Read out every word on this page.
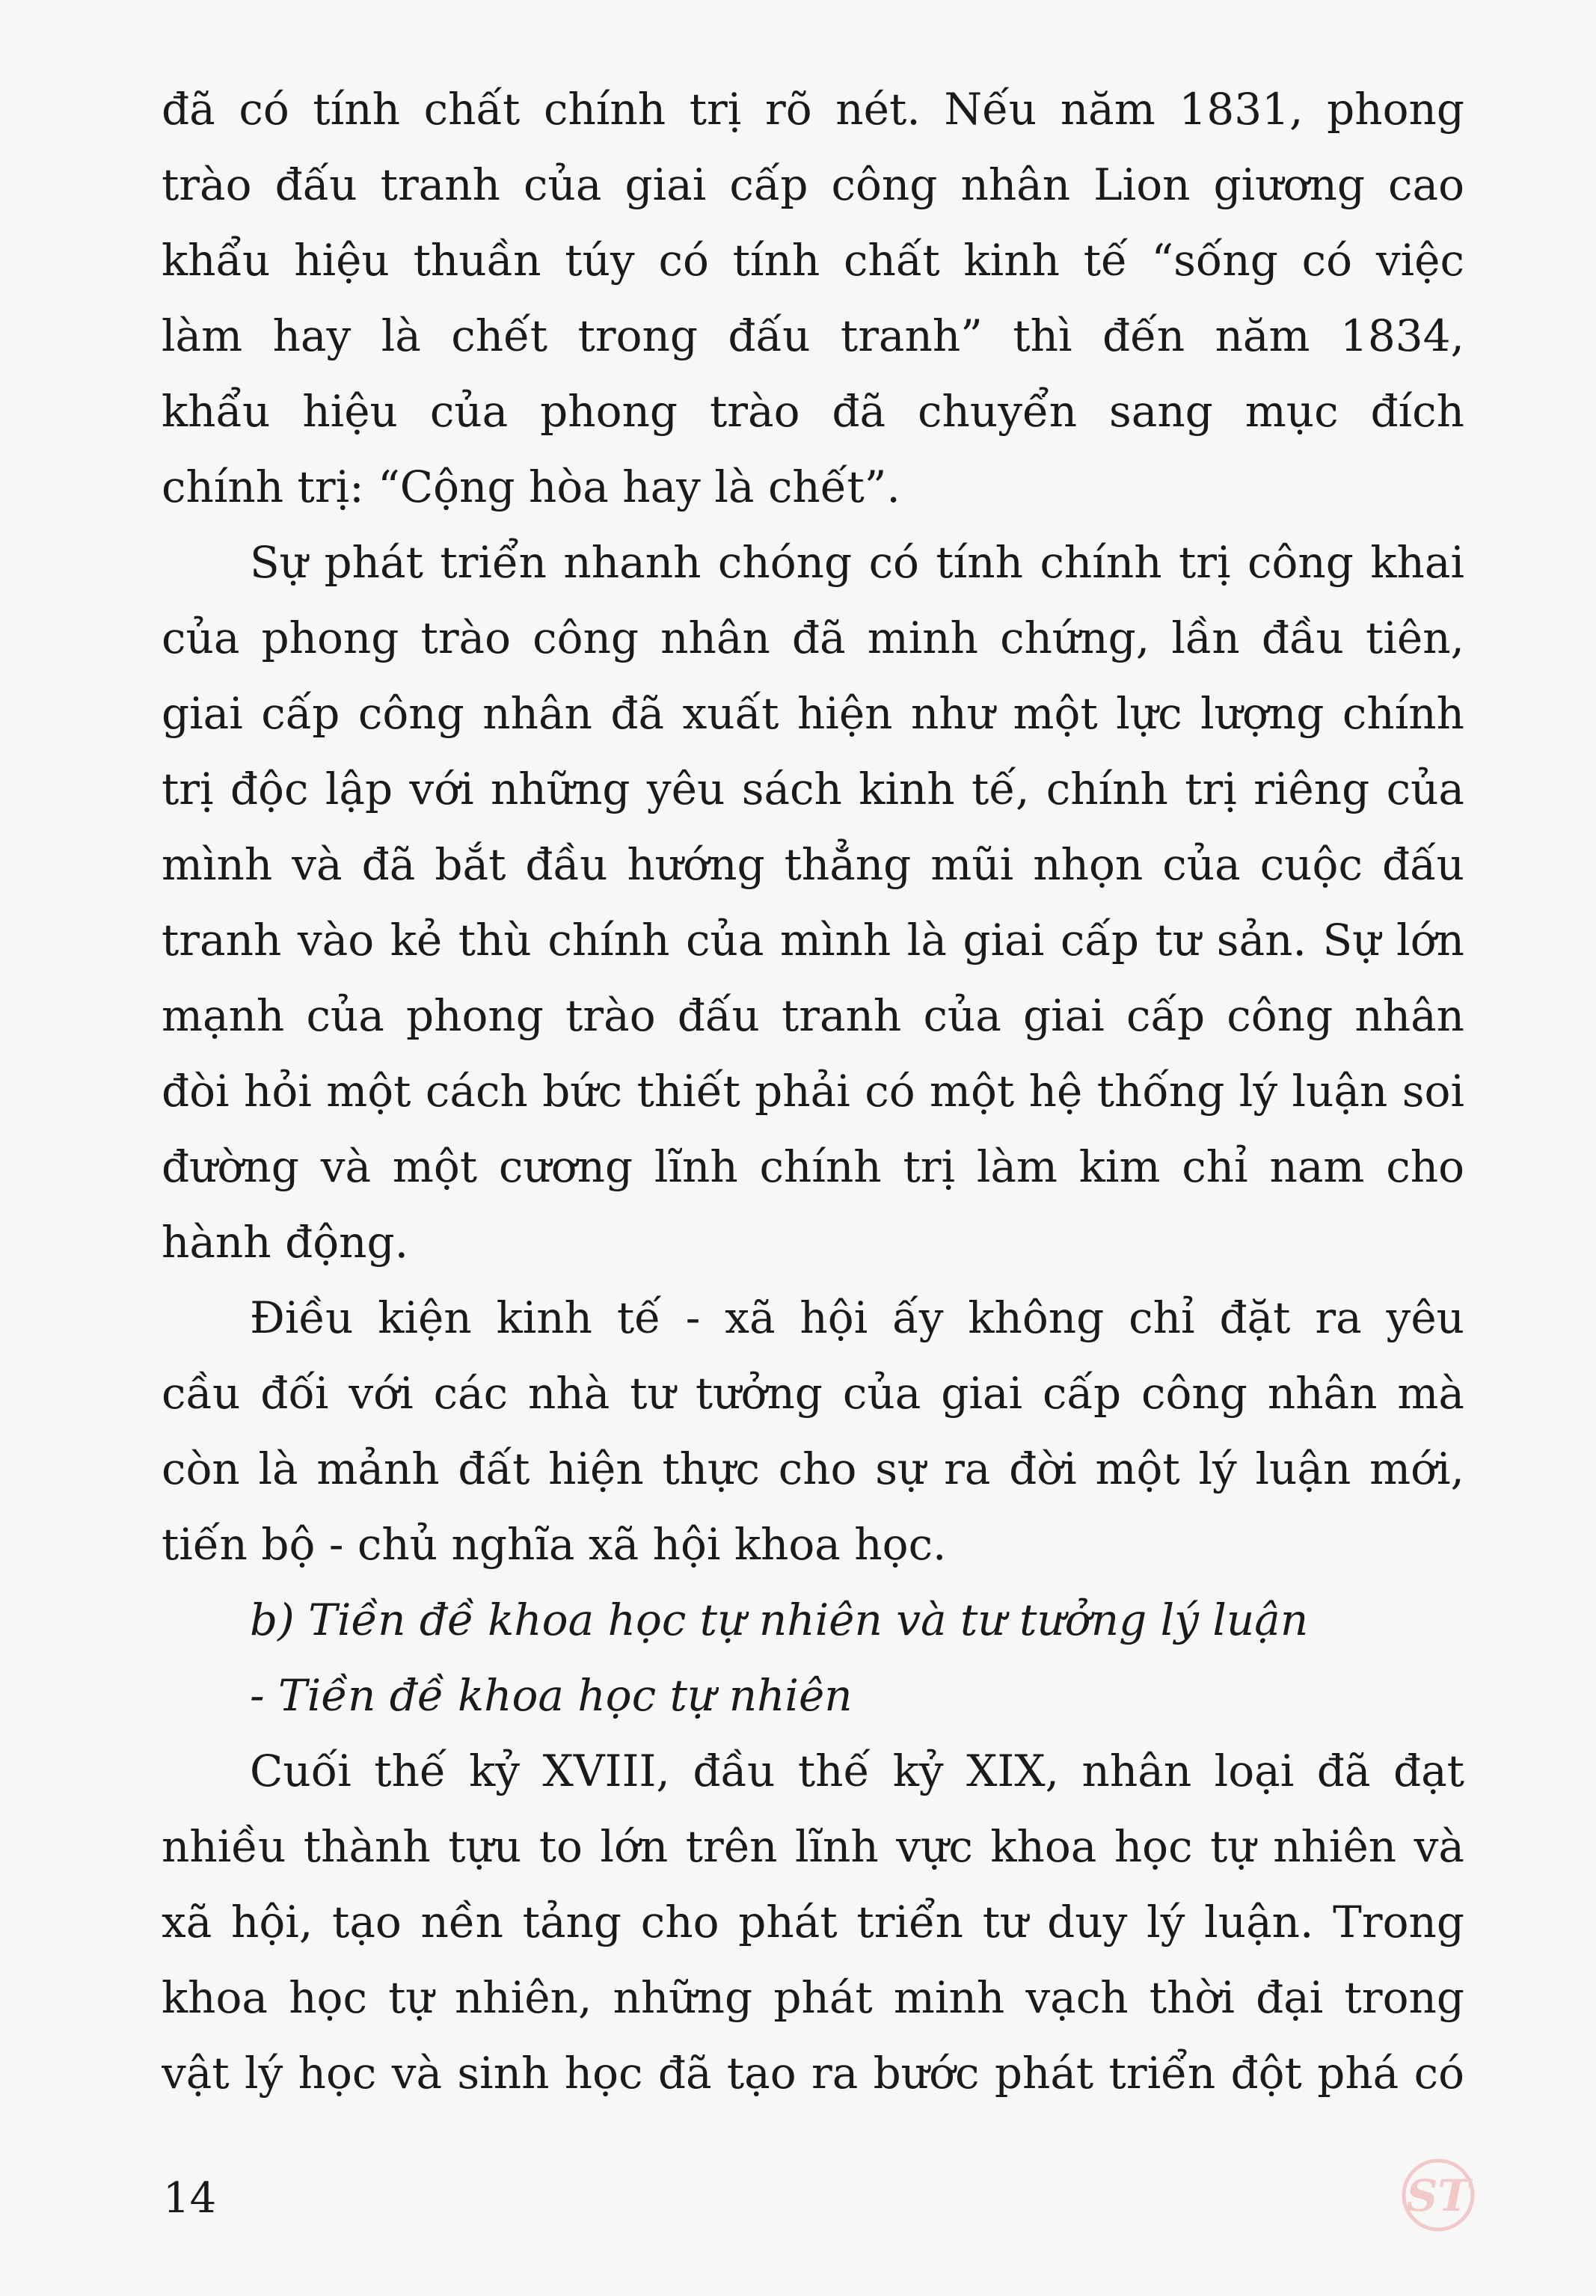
đã có tính chất chính trị rõ nét. Nếu năm 1831, phong
trào đấu tranh của giai cấp công nhân Lion giương cao
khẩu hiệu thuần túy có tính chất kinh tế “sống có việc
làm hay là chết trong đấu tranh” thì đến năm 1834,
khẩu hiệu của phong trào đã chuyển sang mục đích
chính trị: “Cộng hòa hay là chết”.
Sự phát triển nhanh chóng có tính chính trị công khai
của phong trào công nhân đã minh chứng, lần đầu tiên,
giai cấp công nhân đã xuất hiện như một lực lượng chính
trị độc lập với những yêu sách kinh tế, chính trị riêng của
mình và đã bắt đầu hướng thẳng mũi nhọn của cuộc đấu
tranh vào kẻ thù chính của mình là giai cấp tư sản. Sự lớn
mạnh của phong trào đấu tranh của giai cấp công nhân
đòi hỏi một cách bức thiết phải có một hệ thống lý luận soi
đường và một cương lĩnh chính trị làm kim chỉ nam cho
hành động.
Điều kiện kinh tế - xã hội ấy không chỉ đặt ra yêu
cầu đối với các nhà tư tưởng của giai cấp công nhân mà
còn là mảnh đất hiện thực cho sự ra đời một lý luận mới,
tiến bộ - chủ nghĩa xã hội khoa học.
b) Tiền đề khoa học tự nhiên và tư tưởng lý luận
- Tiền đề khoa học tự nhiên
Cuối thế kỷ XVIII, đầu thế kỷ XIX, nhân loại đã đạt
nhiều thành tựu to lớn trên lĩnh vực khoa học tự nhiên và
xã hội, tạo nền tảng cho phát triển tư duy lý luận. Trong
khoa học tự nhiên, những phát minh vạch thời đại trong
vật lý học và sinh học đã tạo ra bước phát triển đột phá có
14	ST
